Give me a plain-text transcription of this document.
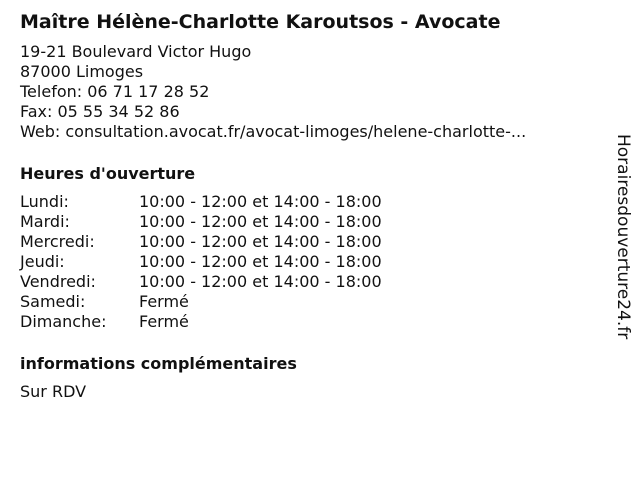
Maître Hélène-Charlotte Karoutsos - Avocate
19-21 Boulevard Victor Hugo
87000 Limoges
Telefon: 06 71 17 28 52
Fax: 05 55 34 52 86
Web: consultation.avocat.fr/avocat-limoges/helene-charlotte-...
Heures d'ouverture
Lundi:	10:00 - 12:00 et 14:00 - 18:00
Mardi:	10:00 - 12:00 et 14:00 - 18:00
Mercredi:	10:00 - 12:00 et 14:00 - 18:00
Jeudi:	10:00 - 12:00 et 14:00 - 18:00
Vendredi:	10:00 - 12:00 et 14:00 - 18:00
Samedi:	Fermé
Dimanche:	Fermé
informations complémentaires
Sur RDV
Horairesdouverture24.fr
